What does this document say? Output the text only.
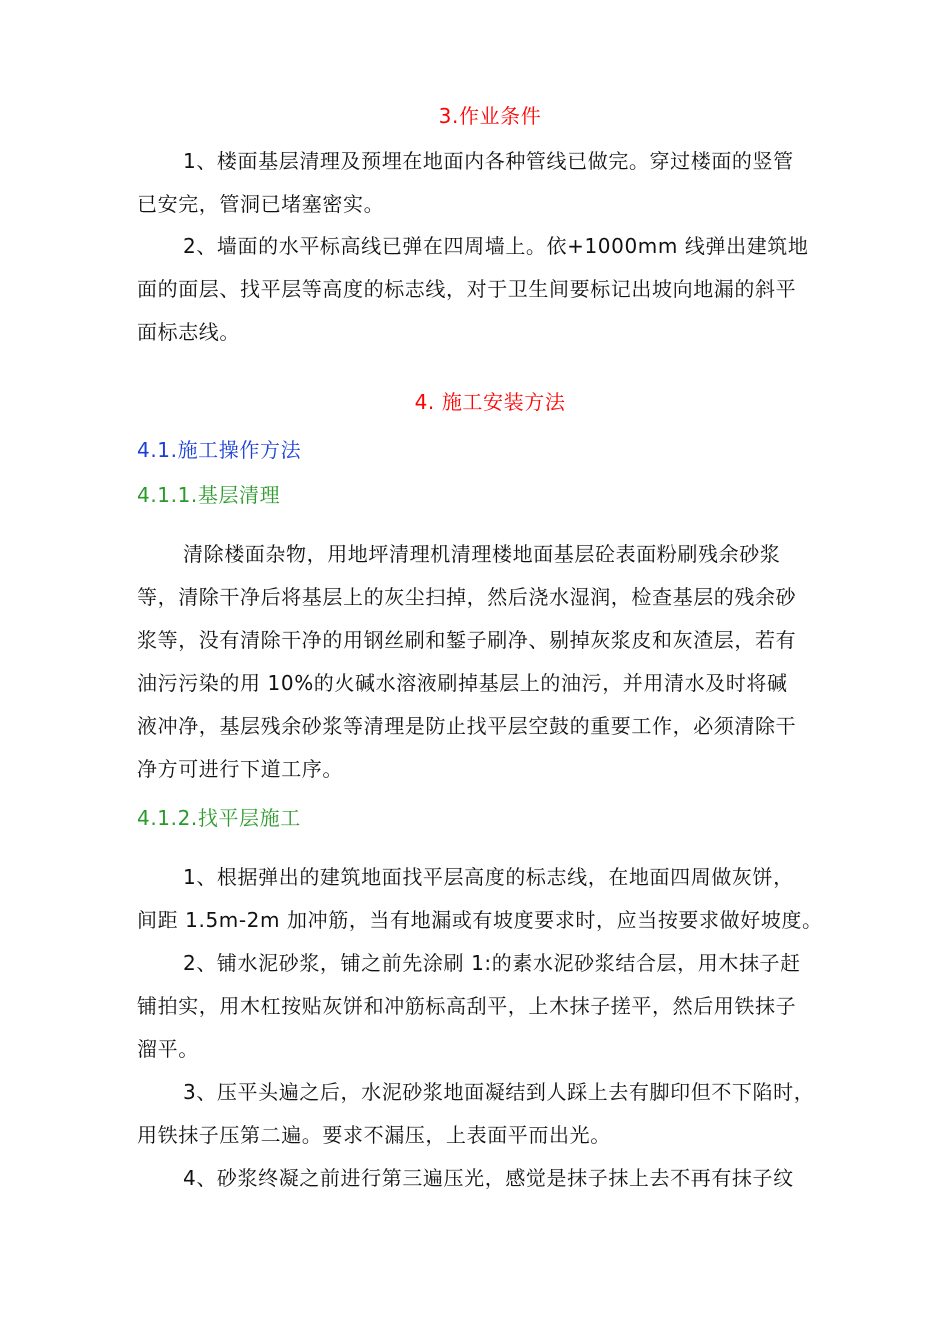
3.作业条件
1、楼面基层清理及预埋在地面内各种管线已做完。穿过楼面的竖管
已安完，管洞已堵塞密实。
2、墙面的水平标高线已弹在四周墙上。依+1000mm 线弹出建筑地
面的面层、找平层等高度的标志线，对于卫生间要标记出坡向地漏的斜平
面标志线。
4. 施工安装方法
4.1.施工操作方法
4.1.1.基层清理
清除楼面杂物，用地坪清理机清理楼地面基层砼表面粉刷残余砂浆
等，清除干净后将基层上的灰尘扫掉，然后浇水湿润，检查基层的残余砂
浆等，没有清除干净的用钢丝刷和錾子刷净、剔掉灰浆皮和灰渣层，若有
油污污染的用 10%的火碱水溶液刷掉基层上的油污，并用清水及时将碱
液冲净，基层残余砂浆等清理是防止找平层空鼓的重要工作，必须清除干
净方可进行下道工序。
4.1.2.找平层施工
1、根据弹出的建筑地面找平层高度的标志线，在地面四周做灰饼，
间距 1.5m-2m 加冲筋，当有地漏或有坡度要求时，应当按要求做好坡度。
2、铺水泥砂浆，铺之前先涂刷 1:的素水泥砂浆结合层，用木抹子赶
铺拍实，用木杠按贴灰饼和冲筋标高刮平，上木抹子搓平，然后用铁抹子
溜平。
3、压平头遍之后，水泥砂浆地面凝结到人踩上去有脚印但不下陷时，
用铁抹子压第二遍。要求不漏压，上表面平而出光。
4、砂浆终凝之前进行第三遍压光，感觉是抹子抹上去不再有抹子纹
